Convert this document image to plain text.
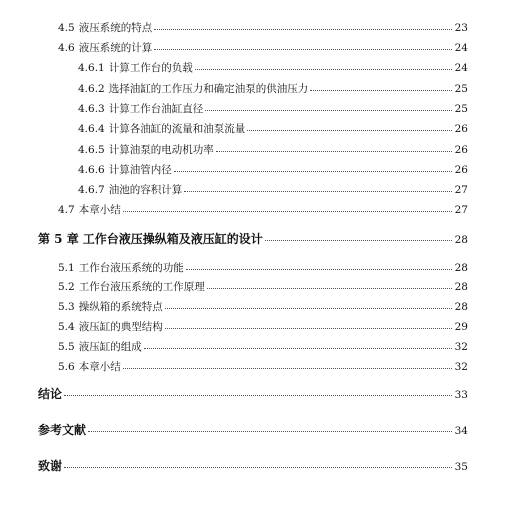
4.5 液压系统的特点	23
4.6 液压系统的计算	24
4.6.1 计算工作台的负载	24
4.6.2 选择油缸的工作压力和确定油泵的供油压力	25
4.6.3 计算工作台油缸直径	25
4.6.4 计算各油缸的流量和油泵流量	26
4.6.5 计算油泵的电动机功率	26
4.6.6 计算油管内径	26
4.6.7 油池的容积计算	27
4.7 本章小结	27
第 5 章 工作台液压操纵箱及液压缸的设计	28
5.1 工作台液压系统的功能	28
5.2 工作台液压系统的工作原理	28
5.3 操纵箱的系统特点	28
5.4 液压缸的典型结构	29
5.5 液压缸的组成	32
5.6 本章小结	32
结论	33
参考文献	34
致谢	35
